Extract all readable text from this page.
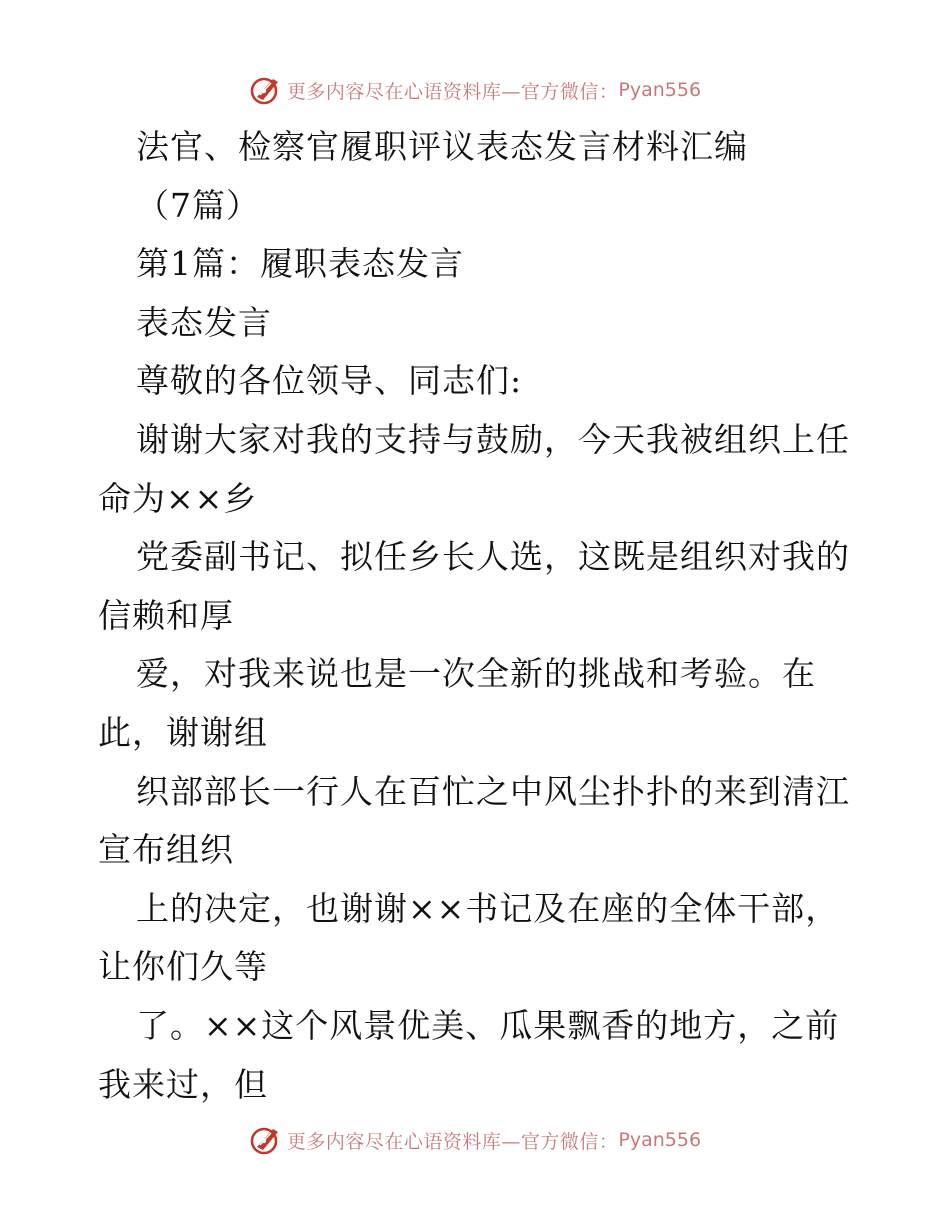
更多内容尽在心语资料库—官方微信： Pyan556

法官、检察官履职评议表态发言材料汇编

（7篇）

第1篇：履职表态发言

表态发言

尊敬的各位领导、同志们:

谢谢大家对我的支持与鼓励，今天我被组织上任命为××乡

党委副书记、拟任乡长人选，这既是组织对我的信赖和厚

爱，对我来说也是一次全新的挑战和考验。在此，谢谢组

织部部长一行人在百忙之中风尘扑扑的来到清江宣布组织

上的决定，也谢谢××书记及在座的全体干部，让你们久等

了。××这个风景优美、瓜果飘香的地方，之前我来过，但

更多内容尽在心语资料库—官方微信： Pyan556
